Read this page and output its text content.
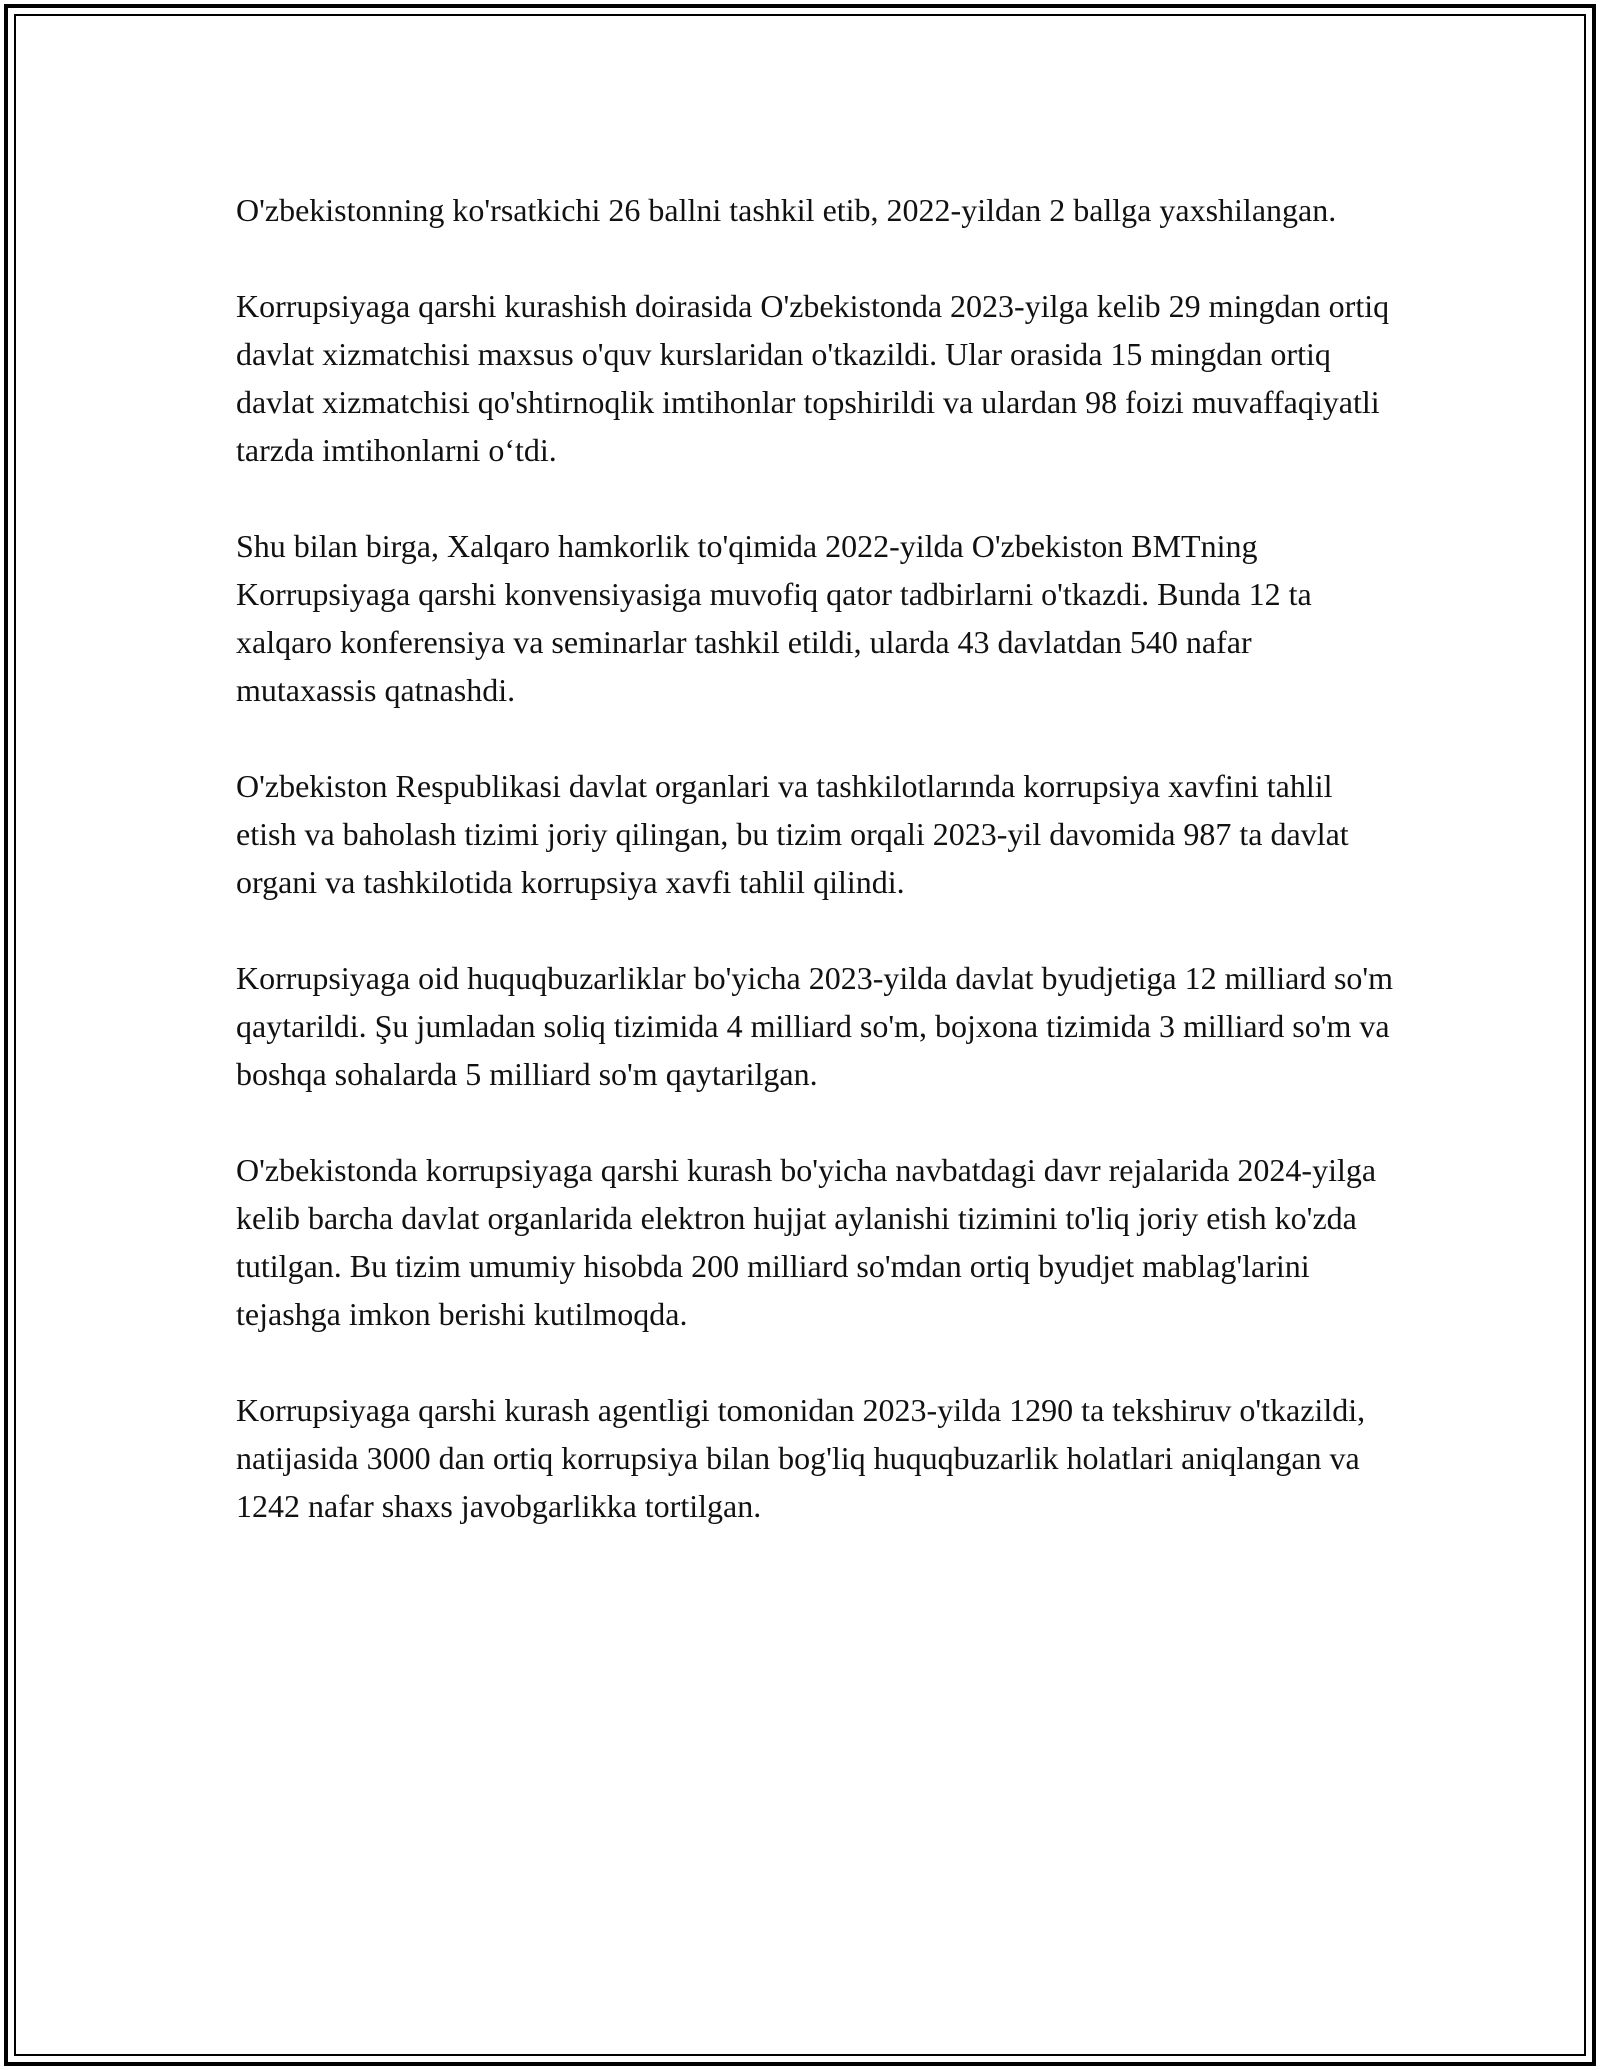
O'zbekistonning ko'rsatkichi 26 ballni tashkil etib, 2022-yildan 2 ballga yaxshilangan.

Korrupsiyaga qarshi kurashish doirasida O'zbekistonda 2023-yilga kelib 29 mingdan ortiq davlat xizmatchisi maxsus o'quv kurslaridan o'tkazildi. Ular orasida 15 mingdan ortiq davlat xizmatchisi qo'shtirnoqlik imtihonlar topshirildi va ulardan 98 foizi muvaffaqiyatli tarzda imtihonlarni o‘tdi.

Shu bilan birga, Xalqaro hamkorlik to'qimida 2022-yilda O'zbekiston BMTning Korrupsiyaga qarshi konvensiyasiga muvofiq qator tadbirlarni o'tkazdi. Bunda 12 ta xalqaro konferensiya va seminarlar tashkil etildi, ularda 43 davlatdan 540 nafar mutaxassis qatnashdi.

O'zbekiston Respublikasi davlat organlari va tashkilotlarında korrupsiya xavfini tahlil etish va baholash tizimi joriy qilingan, bu tizim orqali 2023-yil davomida 987 ta davlat organi va tashkilotida korrupsiya xavfi tahlil qilindi.

Korrupsiyaga oid huquqbuzarliklar bo'yicha 2023-yilda davlat byudjetiga 12 milliard so'm qaytarildi. Şu jumladan soliq tizimida 4 milliard so'm, bojxona tizimida 3 milliard so'm va boshqa sohalarda 5 milliard so'm qaytarilgan.

O'zbekistonda korrupsiyaga qarshi kurash bo'yicha navbatdagi davr rejalarida 2024-yilga kelib barcha davlat organlarida elektron hujjat aylanishi tizimini to'liq joriy etish ko'zda tutilgan. Bu tizim umumiy hisobda 200 milliard so'mdan ortiq byudjet mablag'larini tejashga imkon berishi kutilmoqda.

Korrupsiyaga qarshi kurash agentligi tomonidan 2023-yilda 1290 ta tekshiruv o'tkazildi, natijasida 3000 dan ortiq korrupsiya bilan bog'liq huquqbuzarlik holatlari aniqlangan va 1242 nafar shaxs javobgarlikka tortilgan.
